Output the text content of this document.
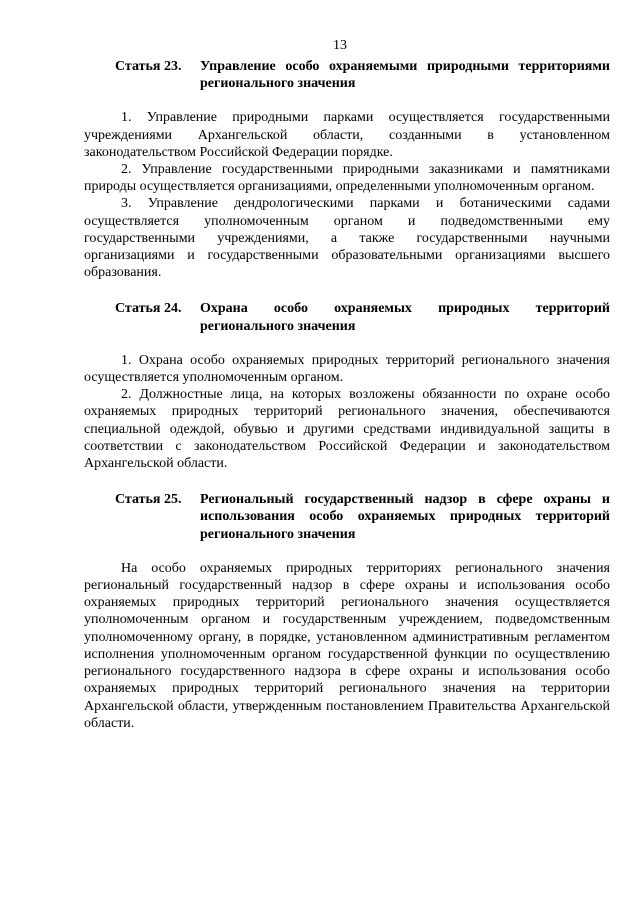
13
Статья 23.	Управление особо охраняемыми природными территориями регионального значения

1. Управление природными парками осуществляется государственными учреждениями Архангельской области, созданными в установленном законодательством Российской Федерации порядке.

2. Управление государственными природными заказниками и памятниками природы осуществляется организациями, определенными уполномоченным органом.

3. Управление дендрологическими парками и ботаническими садами осуществляется уполномоченным органом и подведомственными ему государственными учреждениями, а также государственными научными организациями и государственными образовательными организациями высшего образования.

Статья 24.	Охрана особо охраняемых природных территорий регионального значения

1. Охрана особо охраняемых природных территорий регионального значения осуществляется уполномоченным органом.

2. Должностные лица, на которых возложены обязанности по охране особо охраняемых природных территорий регионального значения, обеспечиваются специальной одеждой, обувью и другими средствами индивидуальной защиты в соответствии с законодательством Российской Федерации и законодательством Архангельской области.

Статья 25.	Региональный государственный надзор в сфере охраны и использования особо охраняемых природных территорий регионального значения

На особо охраняемых природных территориях регионального значения региональный государственный надзор в сфере охраны и использования особо охраняемых природных территорий регионального значения осуществляется уполномоченным органом и государственным учреждением, подведомственным уполномоченному органу, в порядке, установленном административным регламентом исполнения уполномоченным органом государственной функции по осуществлению регионального государственного надзора в сфере охраны и использования особо охраняемых природных территорий регионального значения на территории Архангельской области, утвержденным постановлением Правительства Архангельской области.
